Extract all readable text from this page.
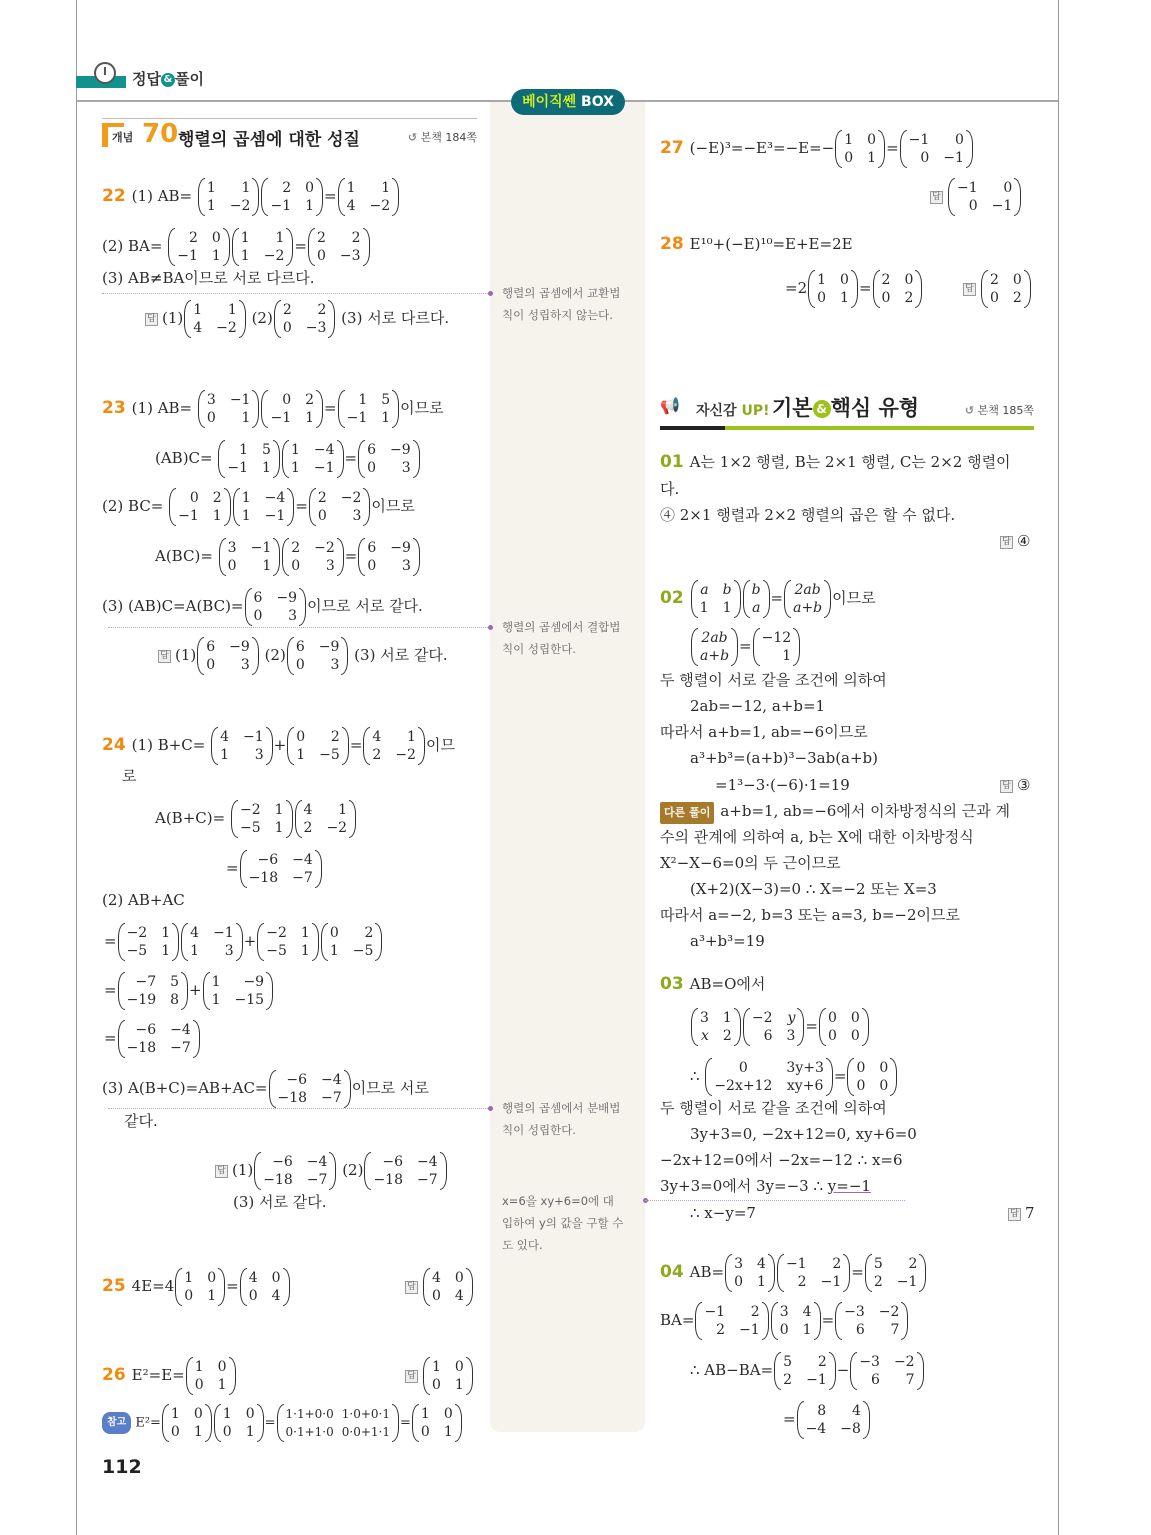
정답 & 풀이
베이직쎈 BOX
개념 70 행렬의 곱셈에 대한 성질	↺ 본책 184쪽
행렬의 곱셈에서 교환법
칙이 성립하지 않는다.
행렬의 곱셈에서 결합법
칙이 성립한다.
행렬의 곱셈에서 분배법
칙이 성립한다.
x=6을 xy+6=0에 대
입하여 y의 값을 구할 수
도 있다.
22 (1) AB= 1	1
1 −2
2 0
−1 1
= 1	1
4 −2
(2) BA=	2 0
−1 1
1	1
1 −2
= 2	2
0 −3
(3) AB≠BA이므로 서로 다르다.
답 (1) 1	1
4 −2
(2) 2	2
0 −3
(3) 서로 다르다.
23 (1) AB= 3 −1
0	1
0 2
−1 1
=	1 5
−1 1
이므로
(AB)C=	1 5
−1 1
1 −4
1 −1
= 6 −9
0	3
(2) BC=	0 2
−1 1
1 −4
1 −1
= 2 −2
0	3
이므로
A(BC)= 3 −1
0	1
2 −2
0	3
= 6 −9
0	3
(3) (AB)C=A(BC)= 6 −9
0	3
이므로 서로 같다.
답 (1) 6 −9
0	3
(2) 6 −9
0	3
(3) 서로 같다.
24 (1) B+C= 4 −1
1	3
+ 0	2
1 −5
= 4	1
2 −2
이므
로
A(B+C)= −2 1
−5 1
4	1
2 −2
=	−6 −4
−18 −7
(2) AB+AC
= −2 1
−5 1
4 −1
1	3
+ −2 1
−5 1
0	2
1 −5
=	−7 5
−19 8
+ 1	−9
1 −15
=	−6 −4
−18 −7
(3) A(B+C)=AB+AC=	−6 −4
−18 −7
이므로 서로
같다.
답 (1)	−6 −4
−18 −7
(2)	−6 −4
−18 −7
(3) 서로 같다.
25 4E=4 1 0
0 1
= 4 0
0 4
답
4 0
0 4
26 E²=E= 1 0
0 1
답
1 0
0 1
참고 E²=
1 0
0 1
1 0
0 1
=
1·1+0·0 1·0+0·1
0·1+1·0 0·0+1·1
=
1 0
0 1
112
27 (−E)³=−E³=−E=− 1 0
0 1
= −1	0
0 −1
답
−1	0
0 −1
28 E¹⁰+(−E)¹⁰=E+E=2E
=2 1 0
0 1
= 2 0
0 2
답
2 0
0 2
📢 자신감 UP! 기본 & 핵심 유형	↺ 본책 185쪽
01 A는 1×2 행렬, B는 2×1 행렬, C는 2×2 행렬이
다.
④ 2×1 행렬과 2×2 행렬의 곱은 할 수 없다.
답 ④
02 a b
1 1
b
a
= 2ab
a+b
이므로
2ab
a+b
= −12
1
두 행렬이 서로 같을 조건에 의하여
2ab=−12, a+b=1
따라서 a+b=1, ab=−6이므로
a³+b³=(a+b)³−3ab(a+b)
=1³−3·(−6)·1=19	답 ③
다른 풀이 a+b=1, ab=−6에서 이차방정식의 근과 계
수의 관계에 의하여 a, b는 X에 대한 이차방정식
X²−X−6=0의 두 근이므로
(X+2)(X−3)=0 ∴ X=−2 또는 X=3
따라서 a=−2, b=3 또는 a=3, b=−2이므로
a³+b³=19
03 AB=O에서
3 1
x 2
−2 y
6 3
= 0 0
0 0
∴	0	3y+3
−2x+12 xy+6
= 0 0
0 0
두 행렬이 서로 같을 조건에 의하여
3y+3=0, −2x+12=0, xy+6=0
−2x+12=0에서 −2x=−12 ∴ x=6
3y+3=0에서 3y=−3 ∴ y=−1
∴ x−y=7	답 7
04 AB= 3 4
0 1
−1	2
2 −1
= 5	2
2 −1
BA= −1	2
2 −1
3 4
0 1
= −3 −2
6	7
∴ AB−BA= 5	2
2 −1
− −3 −2
6	7
=	8	4
−4 −8
